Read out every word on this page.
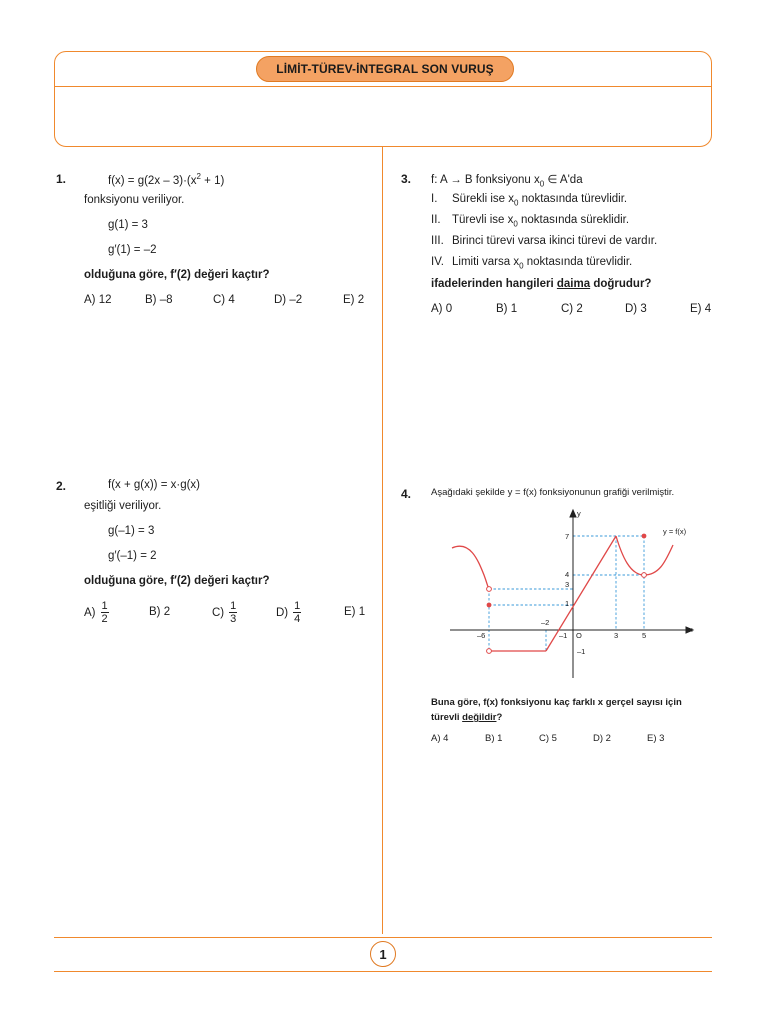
LİMİT-TÜREV-İNTEGRAL SON VURUŞ
1.	$f(x) = g(2x - 3)\cdot(x^2 + 1)$
fonksiyonu veriliyor.
g(1) = 3
g′(1) = –2
olduğuna göre, f′(2) değeri kaçtır?
A) 12	B) –8	C) 4	D) –2	E) 2
2.	f(x + g(x)) = x·g(x)
eşitliği veriliyor.
g(–1) = 3
g′(–1) = 2
olduğuna göre, f′(2) değeri kaçtır?
$A) \frac{1}{2}$	B) 2	$C) \frac{1}{3}$	$D) \frac{1}{4}$	E) 1
3. f: A → B fonksiyonu $x_0$ ∈ A'da
I. Sürekli ise $x_0$ noktasında türevlidir.
II. Türevli ise $x_0$ noktasında süreklidir.
III. Birinci türevi varsa ikinci türevi de vardır.
IV. Limiti varsa $x_0$ noktasında türevlidir.
ifadelerinden hangileri daima doğrudur?
A) 0	B) 1	C) 2	D) 3	E) 4
4. Aşağıdaki şekilde y = f(x) fonksiyonunun grafiği verilmiştir.
y
x
y = f(x)
O
–6
–2
–1	3	5
7
4
3
1
–1
Buna göre, f(x) fonksiyonu kaç farklı x gerçel sayısı için
türevli değildir?
A) 4	B) 1	C) 5	D) 2	E) 3
1
